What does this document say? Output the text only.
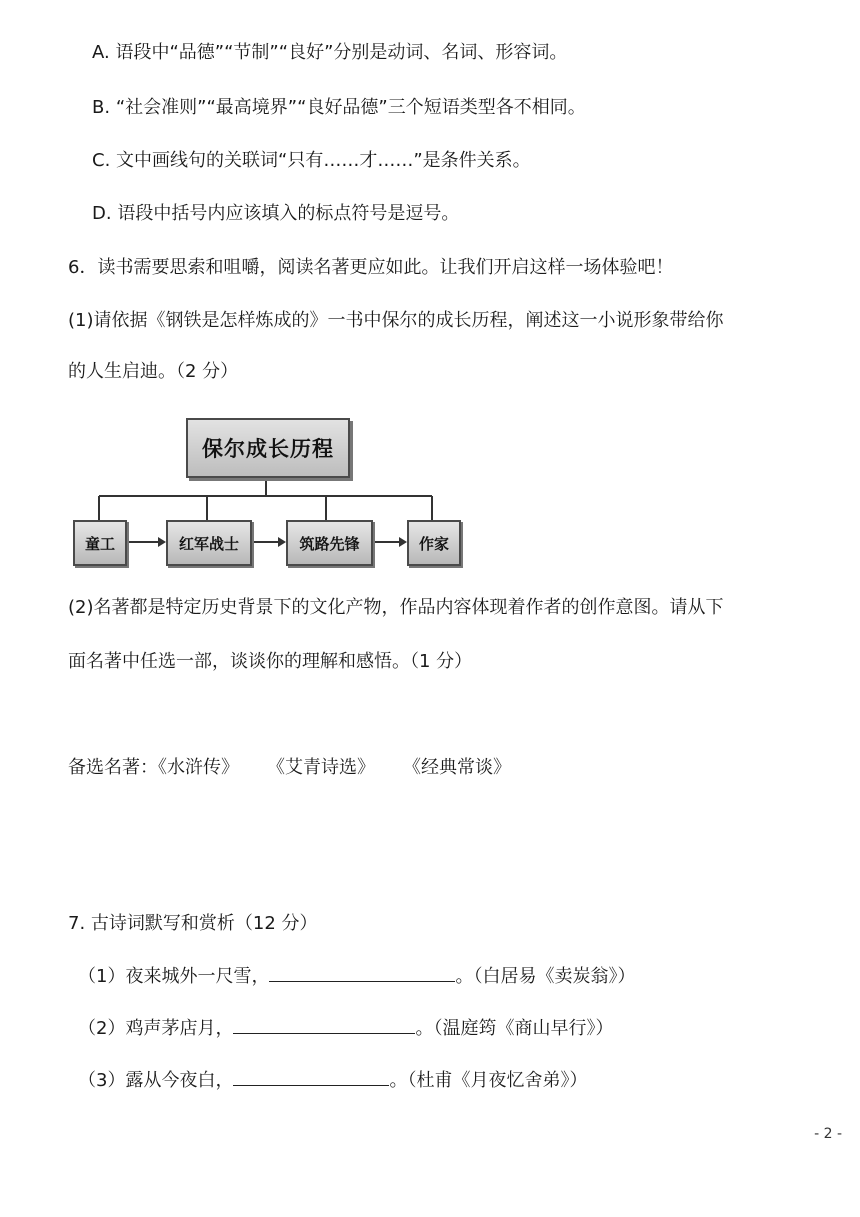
A. 语段中“品德”“节制”“良好”分别是动词、名词、形容词。
B. “社会准则”“最高境界”“良好品德”三个短语类型各不相同。
C. 文中画线句的关联词“只有……才……”是条件关系。
D. 语段中括号内应该填入的标点符号是逗号。
6．读书需要思索和咀嚼，阅读名著更应如此。让我们开启这样一场体验吧！
(1)请依据《钢铁是怎样炼成的》一书中保尔的成长历程，阐述这一小说形象带给你
的人生启迪。（2 分）
保尔成长历程
童工	红军战士	筑路先锋	作家
(2)名著都是特定历史背景下的文化产物，作品内容体现着作者的创作意图。请从下
面名著中任选一部，谈谈你的理解和感悟。（1 分）
备选名著：《水浒传》 《艾青诗选》 《经典常谈》
7. 古诗词默写和赏析（12 分）
（1）夜来城外一尺雪，	。（白居易《卖炭翁》）
（2）鸡声茅店月，	。（温庭筠《商山早行》）
（3）露从今夜白，	。（杜甫《月夜忆舍弟》）
- 2 -
